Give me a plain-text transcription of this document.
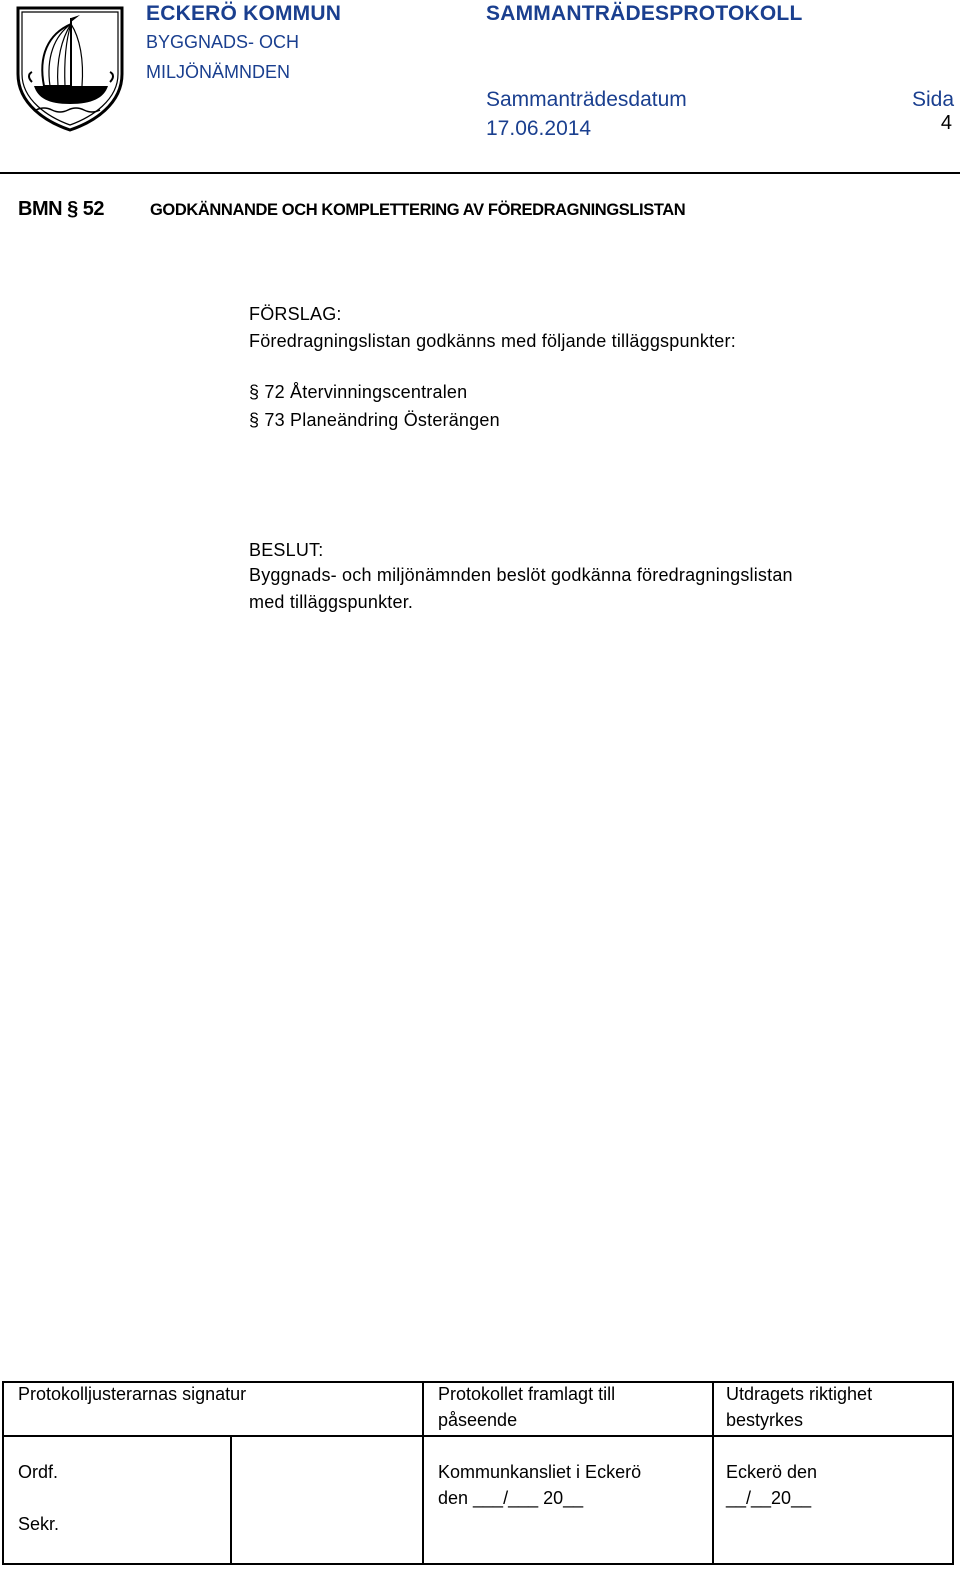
ECKERÖ KOMMUN
BYGGNADS- OCH
MILJÖNÄMNDEN
SAMMANTRÄDESPROTOKOLL
Sammanträdesdatum
17.06.2014
Sida
4
BMN § 52	GODKÄNNANDE OCH KOMPLETTERING AV FÖREDRAGNINGSLISTAN
FÖRSLAG:
Föredragningslistan godkänns med följande tilläggspunkter:
§ 72 Återvinningscentralen
§ 73 Planeändring Österängen
BESLUT:
Byggnads- och miljönämnden beslöt godkänna föredragningslistan
med tilläggspunkter.
Protokolljusterarnas signatur	Protokollet framlagt till
påseende
Utdragets riktighet
bestyrkes
Ordf.
Sekr.
Kommunkansliet i Eckerö
den ___/___ 20__
Eckerö den
__/__20__
